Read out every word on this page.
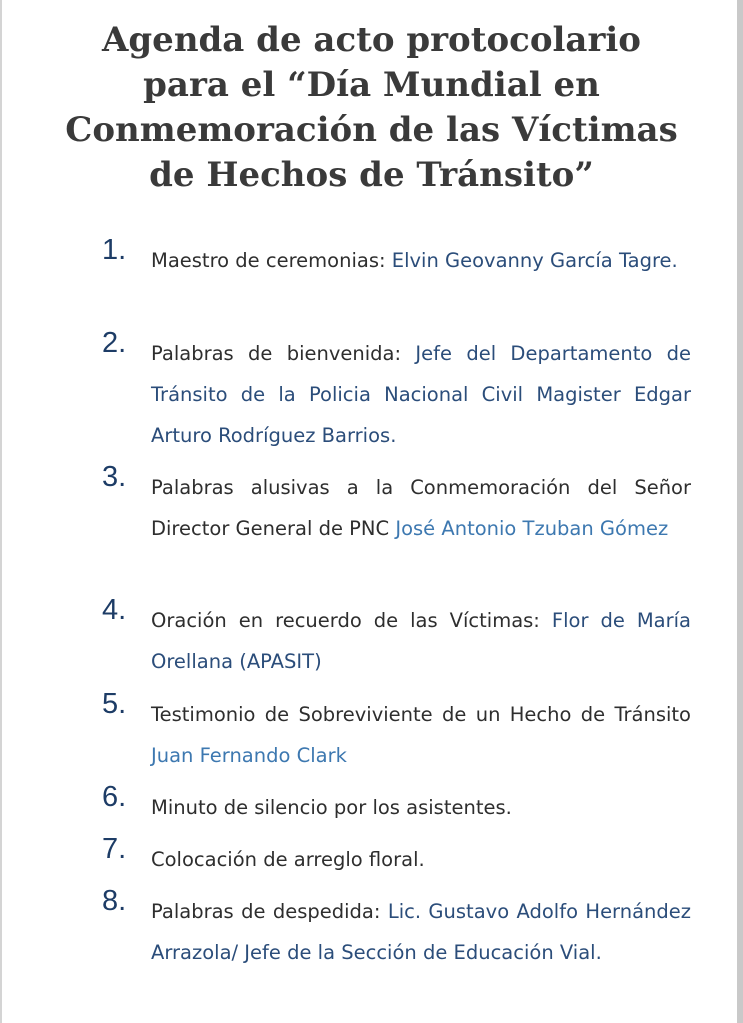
Agenda de acto protocolario
para el “Día Mundial en
Conmemoración de las Víctimas
de Hechos de Tránsito”
1. Maestro de ceremonias: Elvin Geovanny García Tagre.

2. Palabras de bienvenida: Jefe del Departamento de Tránsito de la Policia Nacional Civil Magister Edgar Arturo Rodríguez Barrios.

3. Palabras alusivas a la Conmemoración del Señor Director General de PNC José Antonio Tzuban Gómez

4. Oración en recuerdo de las Víctimas: Flor de María Orellana (APASIT)

5. Testimonio de Sobreviviente de un Hecho de Tránsito Juan Fernando Clark

6. Minuto de silencio por los asistentes.

7. Colocación de arreglo floral.

8. Palabras de despedida: Lic. Gustavo Adolfo Hernández Arrazola/ Jefe de la Sección de Educación Vial.
